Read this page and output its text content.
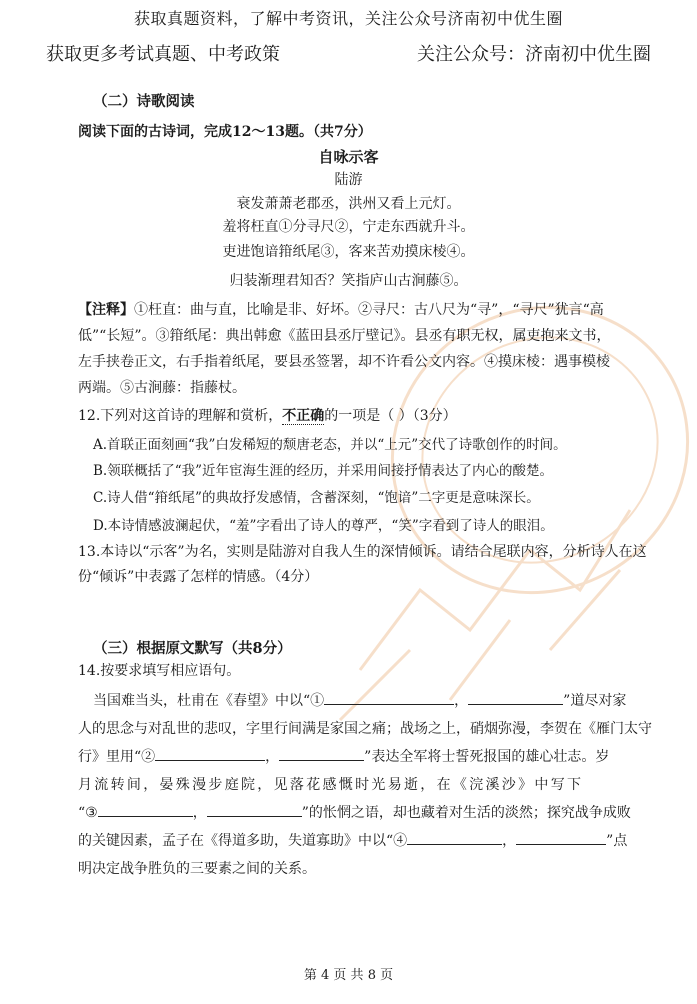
获取真题资料，了解中考资讯，关注公众号济南初中优生圈
获取更多考试真题、中考政策	关注公众号：济南初中优生圈
（二）诗歌阅读
阅读下面的古诗词，完成12～13题。（共7分）
自咏示客
陆游
衰发萧萧老郡丞，洪州又看上元灯。
羞将枉直①分寻尺②，宁走东西就升斗。
吏进饱谙箝纸尾③，客来苦劝摸床棱④。
归装渐理君知否？笑指庐山古涧藤⑤。
【注释】①枉直：曲与直，比喻是非、好坏。②寻尺：古八尺为“寻”，“寻尺”犹言“高低”“长短”。③箝纸尾：典出韩愈《蓝田县丞厅壁记》。县丞有职无权，属吏抱来文书，左手挟卷正文，右手指着纸尾，要县丞签署，却不许看公文内容。④摸床棱：遇事模棱两端。⑤古涧藤：指藤杖。
12.下列对这首诗的理解和赏析，不正确的一项是（ ）（3分）
A.首联正面刻画“我”白发稀短的颓唐老态，并以“上元”交代了诗歌创作的时间。
B.领联概括了“我”近年宦海生涯的经历，并采用间接抒情表达了内心的酸楚。
C.诗人借“箝纸尾”的典故抒发感情，含蓄深刻，“饱谙”二字更是意味深长。
D.本诗情感波澜起伏，“羞”字看出了诗人的尊严，“笑”字看到了诗人的眼泪。
13.本诗以“示客”为名，实则是陆游对自我人生的深情倾诉。请结合尾联内容，分析诗人在这
份“倾诉”中表露了怎样的情感。（4分）
（三）根据原文默写（共8分）
14.按要求填写相应语句。
当国难当头，杜甫在《春望》中以“①	，	”道尽对家
人的思念与对乱世的悲叹，字里行间满是家国之痛；战场之上，硝烟弥漫，李贺在《雁门太守
行》里用“②	，	”表达全军将士誓死报国的雄心壮志。岁
月流转间，晏殊漫步庭院，见落花感慨时光易逝，在《浣溪沙》中写下
“③	，	”的怅惘之语，却也藏着对生活的淡然；探究战争成败
的关键因素，孟子在《得道多助，失道寡助》中以“④	，	”点
明决定战争胜负的三要素之间的关系。
第 4 页 共 8 页
